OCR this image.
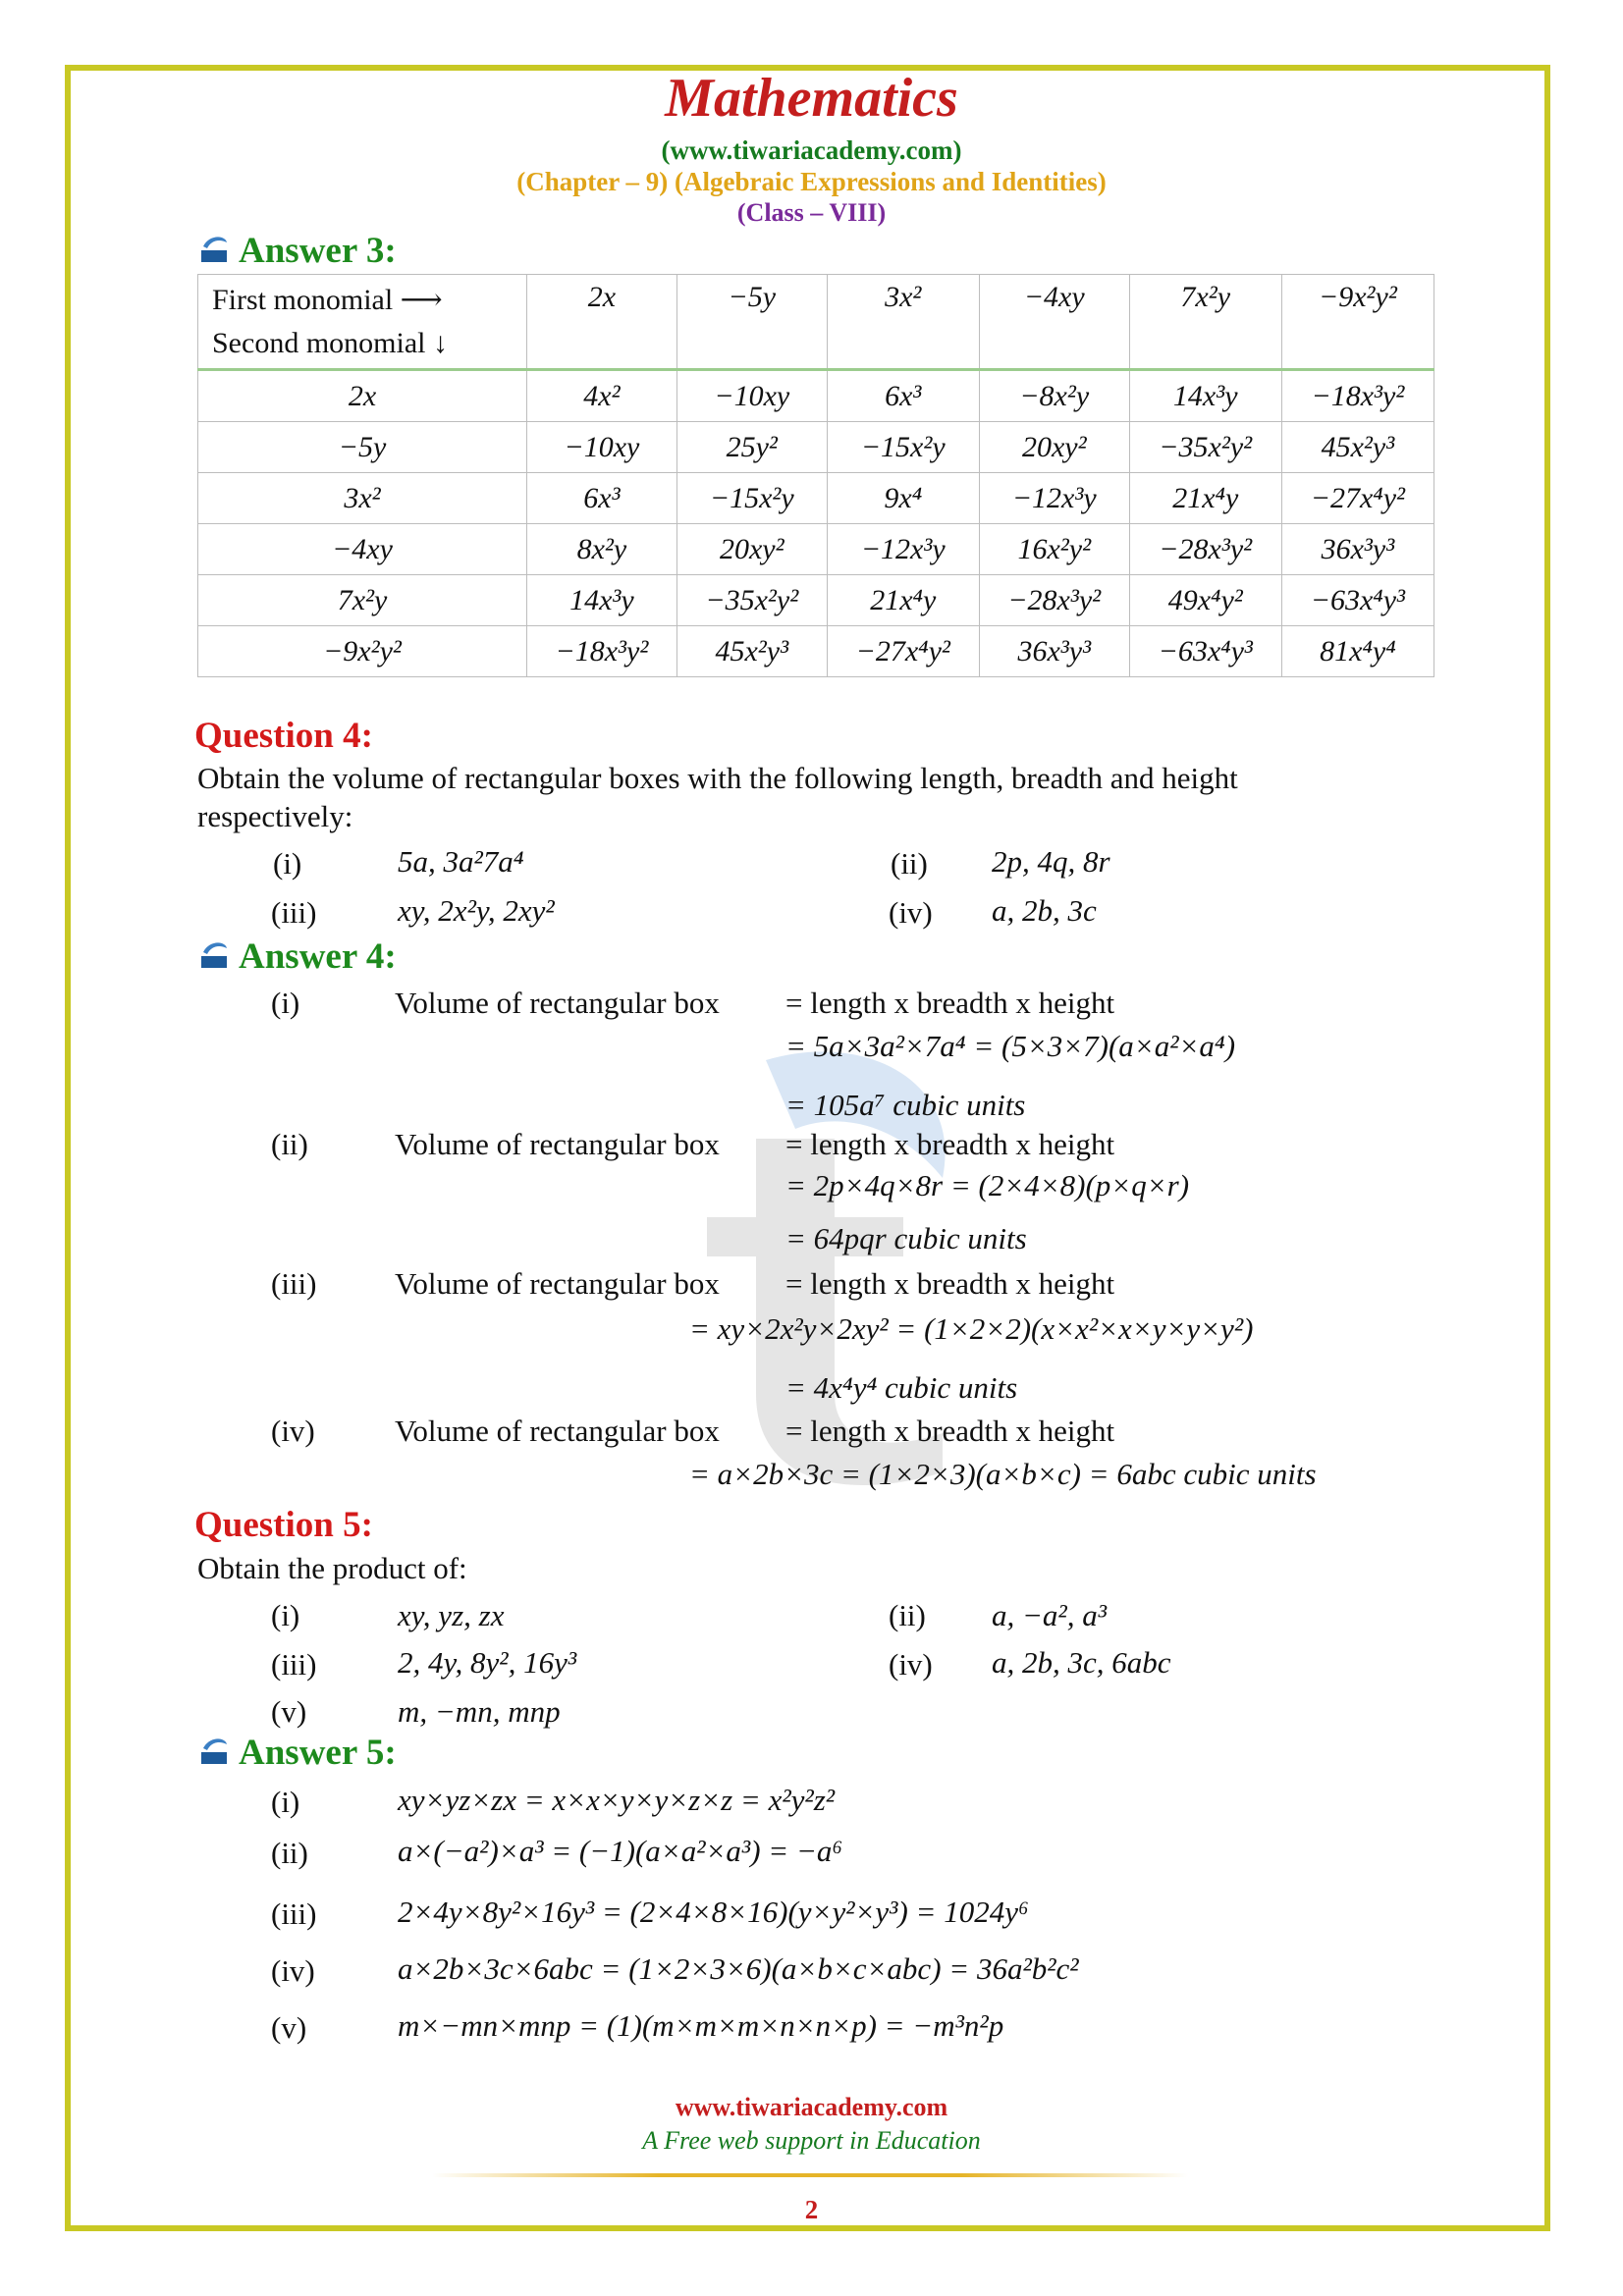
Mathematics
(www.tiwariacademy.com)
(Chapter – 9) (Algebraic Expressions and Identities)
(Class – VIII)
Answer 3:
First monomial ⟶
Second monomial ↓	2x	−5y	3x²	−4xy	7x²y	−9x²y²
2x	4x²	−10xy	6x³	−8x²y	14x³y	−18x³y²
−5y	−10xy	25y²	−15x²y	20xy²	−35x²y²	45x²y³
3x²	6x³	−15x²y	9x⁴	−12x³y	21x⁴y	−27x⁴y²
−4xy	8x²y	20xy²	−12x³y	16x²y²	−28x³y²	36x³y³
7x²y	14x³y	−35x²y²	21x⁴y	−28x³y²	49x⁴y²	−63x⁴y³
−9x²y²	−18x³y²	45x²y³	−27x⁴y²	36x³y³	−63x⁴y³	81x⁴y⁴
Question 4:
Obtain the volume of rectangular boxes with the following length, breadth and height
respectively:
(i)	5a, 3a²7a⁴	(ii) 2p, 4q, 8r
(iii)	xy, 2x²y, 2xy²	(iv) a, 2b, 3c
Answer 4:
(i)	Volume of rectangular box = length x breadth x height
= 5a×3a²×7a⁴ = (5×3×7)(a×a²×a⁴)
= 105a⁷ cubic units
(ii)	Volume of rectangular box = length x breadth x height
= 2p×4q×8r = (2×4×8)(p×q×r)
= 64pqr cubic units
(iii)	Volume of rectangular box = length x breadth x height
= xy×2x²y×2xy² = (1×2×2)(x×x²×x×y×y×y²)
= 4x⁴y⁴ cubic units
(iv)	Volume of rectangular box = length x breadth x height
= a×2b×3c = (1×2×3)(a×b×c) = 6abc cubic units
Question 5:
Obtain the product of:
(i)	xy, yz, zx	(ii) a, −a², a³
(iii)	2, 4y, 8y², 16y³	(iv) a, 2b, 3c, 6abc
(v)	m, −mn, mnp
Answer 5:
(i)	xy×yz×zx = x×x×y×y×z×z = x²y²z²
(ii)	a×(−a²)×a³ = (−1)(a×a²×a³) = −a⁶
(iii)	2×4y×8y²×16y³ = (2×4×8×16)(y×y²×y³) = 1024y⁶
(iv)	a×2b×3c×6abc = (1×2×3×6)(a×b×c×abc) = 36a²b²c²
(v)	m×−mn×mnp = (1)(m×m×m×n×n×p) = −m³n²p
www.tiwariacademy.com
A Free web support in Education
2
